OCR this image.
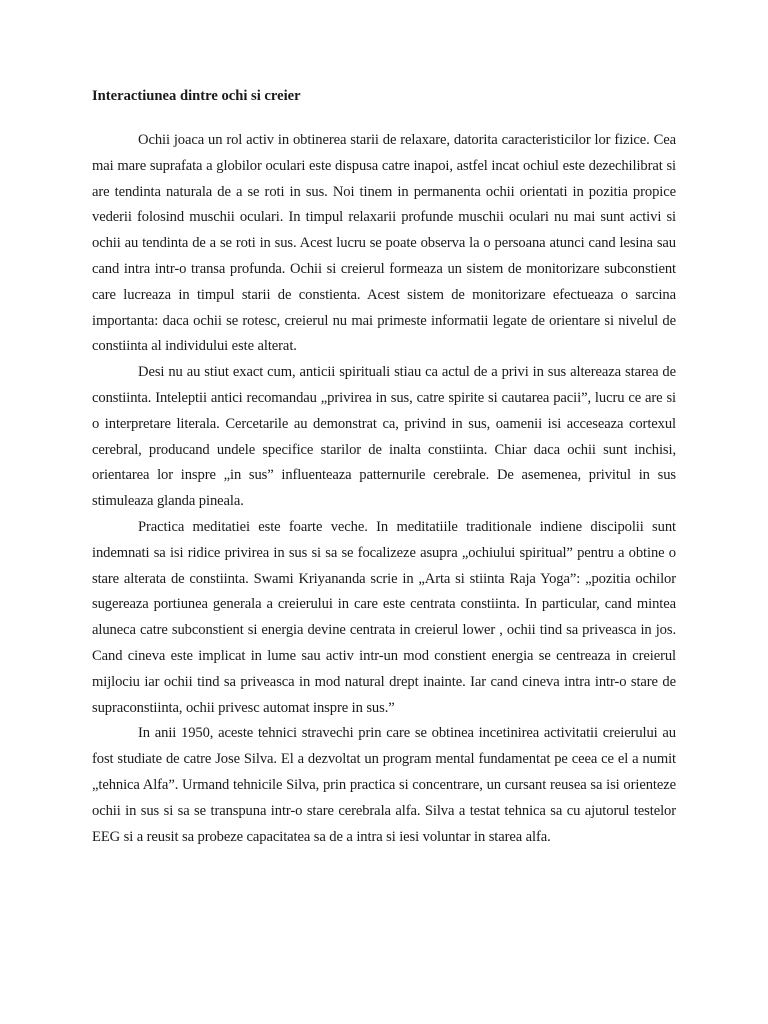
Interactiunea dintre ochi si creier

Ochii joaca un rol activ in obtinerea starii de relaxare, datorita caracteristicilor lor fizice. Cea mai mare suprafata a globilor oculari este dispusa catre inapoi, astfel incat ochiul este dezechilibrat si are tendinta naturala de a se roti in sus. Noi tinem in permanenta ochii orientati in pozitia propice vederii folosind muschii oculari. In timpul relaxarii profunde muschii oculari nu mai sunt activi si ochii au tendinta de a se roti in sus. Acest lucru se poate observa la o persoana atunci cand lesina sau cand intra intr-o transa profunda. Ochii si creierul formeaza un sistem de monitorizare subconstient care lucreaza in timpul starii de constienta. Acest sistem de monitorizare efectueaza o sarcina importanta: daca ochii se rotesc, creierul nu mai primeste informatii legate de orientare si nivelul de constiinta al individului este alterat.

Desi nu au stiut exact cum, anticii spirituali stiau ca actul de a privi in sus altereaza starea de constiinta. Inteleptii antici recomandau „privirea in sus, catre spirite si cautarea pacii”, lucru ce are si o interpretare literala. Cercetarile au demonstrat ca, privind in sus, oamenii isi acceseaza cortexul cerebral, producand undele specifice starilor de inalta constiinta. Chiar daca ochii sunt inchisi, orientarea lor inspre „in sus” influenteaza patternurile cerebrale. De asemenea, privitul in sus stimuleaza glanda pineala.

Practica meditatiei este foarte veche. In meditatiile traditionale indiene discipolii sunt indemnati sa isi ridice privirea in sus si sa se focalizeze asupra „ochiului spiritual” pentru a obtine o stare alterata de constiinta. Swami Kriyananda scrie in „Arta si stiinta Raja Yoga”: „pozitia ochilor sugereaza portiunea generala a creierului in care este centrata constiinta. In particular, cand mintea aluneca catre subconstient si energia devine centrata in creierul lower , ochii tind sa priveasca in jos. Cand cineva este implicat in lume sau activ intr-un mod constient energia se centreaza in creierul mijlociu iar ochii tind sa priveasca in mod natural drept inainte. Iar cand cineva intra intr-o stare de supraconstiinta, ochii privesc automat inspre in sus.”

In anii 1950, aceste tehnici stravechi prin care se obtinea incetinirea activitatii creierului au fost studiate de catre Jose Silva. El a dezvoltat un program mental fundamentat pe ceea ce el a numit „tehnica Alfa”. Urmand tehnicile Silva, prin practica si concentrare, un cursant reusea sa isi orienteze ochii in sus si sa se transpuna intr-o stare cerebrala alfa. Silva a testat tehnica sa cu ajutorul testelor EEG si a reusit sa probeze capacitatea sa de a intra si iesi voluntar in starea alfa.
